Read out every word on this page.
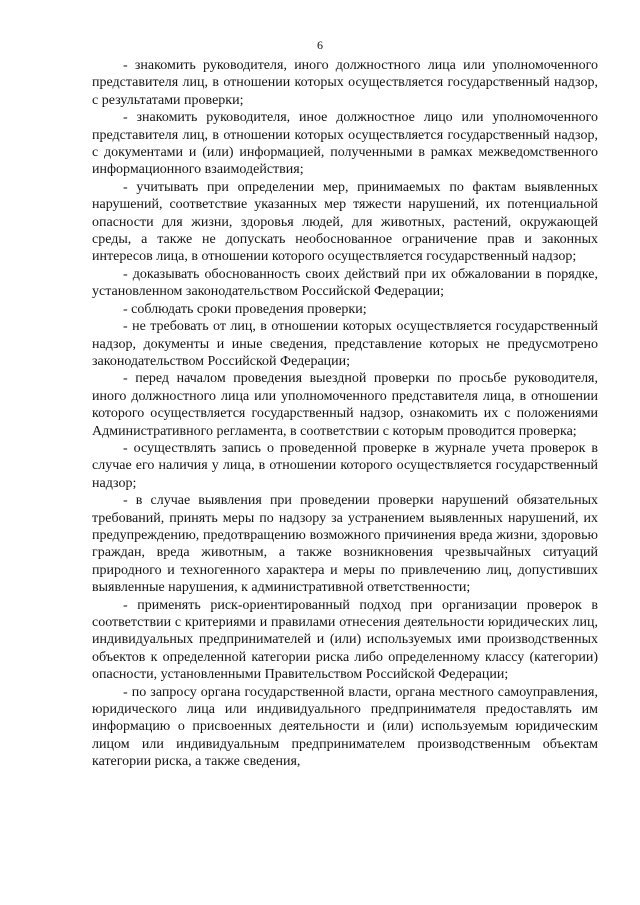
6

- знакомить руководителя, иного должностного лица или уполномоченного представителя лиц, в отношении которых осуществляется государственный надзор, с результатами проверки;

- знакомить руководителя, иное должностное лицо или уполномоченного представителя лиц, в отношении которых осуществляется государственный надзор, с документами и (или) информацией, полученными в рамках межведомственного информационного взаимодействия;

- учитывать при определении мер, принимаемых по фактам выявленных нарушений, соответствие указанных мер тяжести нарушений, их потенциальной опасности для жизни, здоровья людей, для животных, растений, окружающей среды, а также не допускать необоснованное ограничение прав и законных интересов лица, в отношении которого осуществляется государственный надзор;

- доказывать обоснованность своих действий при их обжаловании в порядке, установленном законодательством Российской Федерации;

- соблюдать сроки проведения проверки;

- не требовать от лиц, в отношении которых осуществляется государственный надзор, документы и иные сведения, представление которых не предусмотрено законодательством Российской Федерации;

- перед началом проведения выездной проверки по просьбе руководителя, иного должностного лица или уполномоченного представителя лица, в отношении которого осуществляется государственный надзор, ознакомить их с положениями Административного регламента, в соответствии с которым проводится проверка;

- осуществлять запись о проведенной проверке в журнале учета проверок в случае его наличия у лица, в отношении которого осуществляется государственный надзор;

- в случае выявления при проведении проверки нарушений обязательных требований, принять меры по надзору за устранением выявленных нарушений, их предупреждению, предотвращению возможного причинения вреда жизни, здоровью граждан, вреда животным, а также возникновения чрезвычайных ситуаций природного и техногенного характера и меры по привлечению лиц, допустивших выявленные нарушения, к административной ответственности;

- применять риск-ориентированный подход при организации проверок в соответствии с критериями и правилами отнесения деятельности юридических лиц, индивидуальных предпринимателей и (или) используемых ими производственных объектов к определенной категории риска либо определенному классу (категории) опасности, установленными Правительством Российской Федерации;

- по запросу органа государственной власти, органа местного самоуправления, юридического лица или индивидуального предпринимателя предоставлять им информацию о присвоенных деятельности и (или) используемым юридическим лицом или индивидуальным предпринимателем производственным объектам категории риска, а также сведения,
